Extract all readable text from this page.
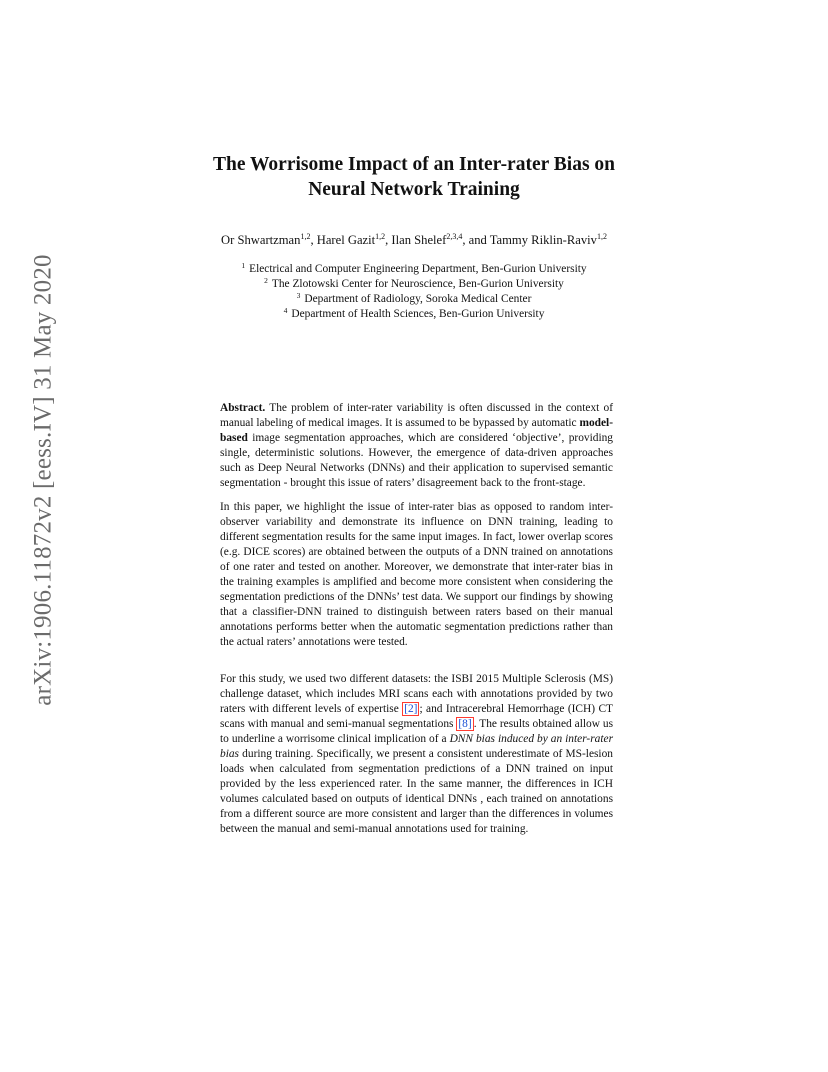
arXiv:1906.11872v2 [eess.IV] 31 May 2020
The Worrisome Impact of an Inter-rater Bias on
Neural Network Training
Or Shwartzman$^{1,2}$, Harel Gazit$^{1,2}$, Ilan Shelef$^{2,3,4}$, and Tammy Riklin-Raviv$^{1,2}$
$^1$ Electrical and Computer Engineering Department, Ben-Gurion University
$^2$ The Zlotowski Center for Neuroscience, Ben-Gurion University
$^3$ Department of Radiology, Soroka Medical Center
$^4$ Department of Health Sciences, Ben-Gurion University

Abstract. The problem of inter-rater variability is often discussed in the context of manual labeling of medical images. It is assumed to be bypassed by automatic model-based image segmentation approaches, which are considered ‘objective’, providing single, deterministic solutions. However, the emergence of data-driven approaches such as Deep Neural Networks (DNNs) and their application to supervised semantic segmentation - brought this issue of raters’ disagreement back to the front-stage.

In this paper, we highlight the issue of inter-rater bias as opposed to random inter-observer variability and demonstrate its influence on DNN training, leading to different segmentation results for the same input images. In fact, lower overlap scores (e.g. DICE scores) are obtained between the outputs of a DNN trained on annotations of one rater and tested on another. Moreover, we demonstrate that inter-rater bias in the training examples is amplified and become more consistent when considering the segmentation predictions of the DNNs’ test data. We support our findings by showing that a classifier-DNN trained to distinguish between raters based on their manual annotations performs better when the automatic segmentation predictions rather than the actual raters’ annotations were tested.

For this study, we used two different datasets: the ISBI 2015 Multiple Sclerosis (MS) challenge dataset, which includes MRI scans each with annotations provided by two raters with different levels of expertise [2] ; and Intracerebral Hemorrhage (ICH) CT scans with manual and semi-manual segmentations [8] . The results obtained allow us to underline a worrisome clinical implication of a DNN bias induced by an inter-rater bias during training. Specifically, we present a consistent underestimate of MS-lesion loads when calculated from segmentation predictions of a DNN trained on input provided by the less experienced rater. In the same manner, the differences in ICH volumes calculated based on outputs of identical DNNs , each trained on annotations from a different source are more consistent and larger than the differences in volumes between the manual and semi-manual annotations used for training.
